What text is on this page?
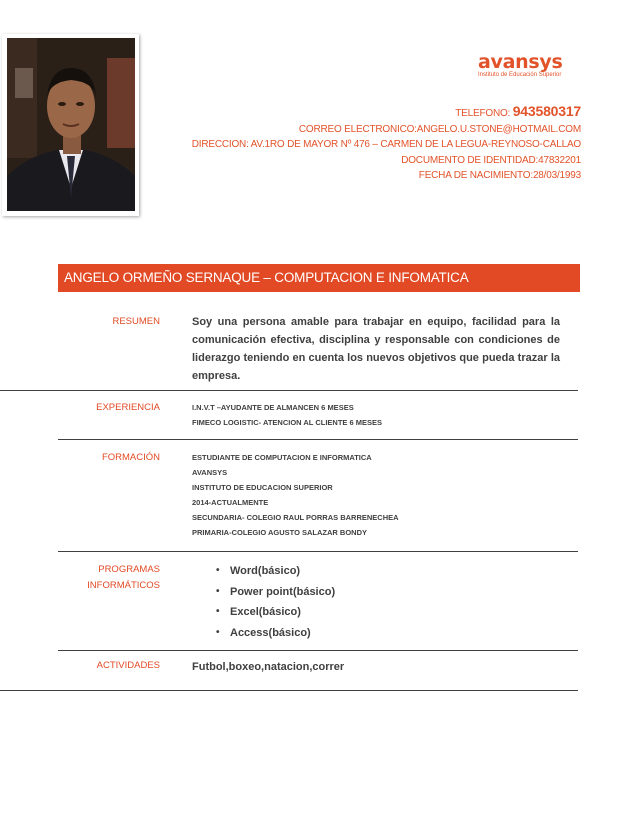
avansys
Instituto de Educación Superior
TELEFONO: 943580317
CORREO ELECTRONICO:ANGELO.U.STONE@HOTMAIL.COM
DIRECCION: AV.1RO DE MAYOR Nº 476 – CARMEN DE LA LEGUA-REYNOSO-CALLAO
DOCUMENTO DE IDENTIDAD:47832201
FECHA DE NACIMIENTO:28/03/1993
ANGELO ORMEÑO SERNAQUE – COMPUTACION E INFOMATICA
RESUMEN	Soy una persona amable para trabajar en equipo, facilidad para la comunicación efectiva, disciplina y responsable con condiciones de liderazgo teniendo en cuenta los nuevos objetivos que pueda trazar la empresa.
EXPERIENCIA	I.N.V.T –AYUDANTE DE ALMANCEN 6 MESES
FIMECO LOGISTIC- ATENCION AL CLIENTE 6 MESES
FORMACIÓN	ESTUDIANTE DE COMPUTACION E INFORMATICA
AVANSYS
INSTITUTO DE EDUCACION SUPERIOR
2014-ACTUALMENTE
SECUNDARIA- COLEGIO RAUL PORRAS BARRENECHEA
PRIMARIA-COLEGIO AGUSTO SALAZAR BONDY
PROGRAMAS
INFORMÁTICOS
• Word(básico)
• Power point(básico)
• Excel(básico)
• Access(básico)
ACTIVIDADES	Futbol,boxeo,natacion,correr
